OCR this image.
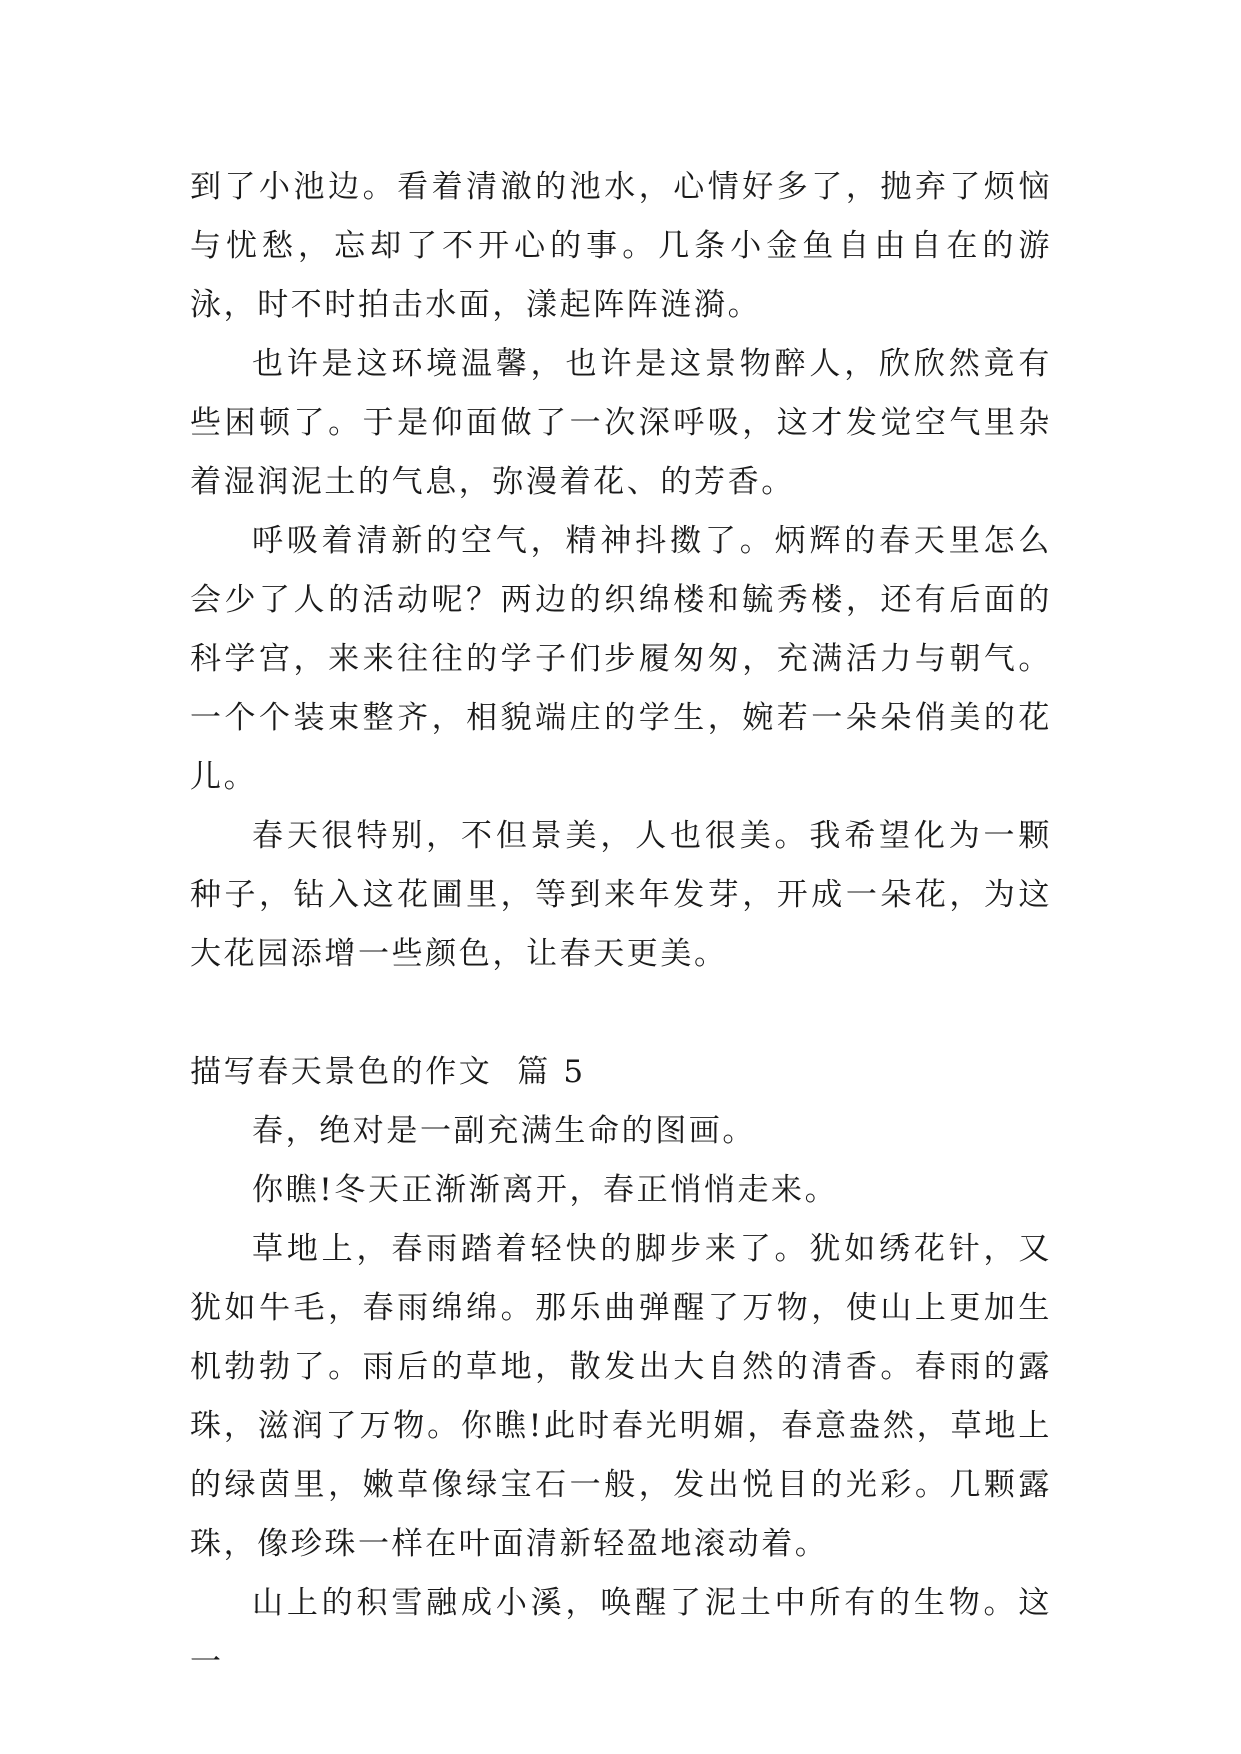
到了小池边。看着清澈的池水，心情好多了，抛弃了烦恼与忧愁，忘却了不开心的事。几条小金鱼自由自在的游泳，时不时拍击水面，漾起阵阵涟漪。

也许是这环境温馨，也许是这景物醉人，欣欣然竟有些困顿了。于是仰面做了一次深呼吸，这才发觉空气里杂着湿润泥土的气息，弥漫着花、的芳香。

呼吸着清新的空气，精神抖擞了。炳辉的春天里怎么会少了人的活动呢？两边的织绵楼和毓秀楼，还有后面的科学宫，来来往往的学子们步履匆匆，充满活力与朝气。一个个装束整齐，相貌端庄的学生，婉若一朵朵俏美的花儿。

春天很特别，不但景美，人也很美。我希望化为一颗种子，钻入这花圃里，等到来年发芽，开成一朵花，为这大花园添增一些颜色，让春天更美。

描写春天景色的作文  篇 5

春，绝对是一副充满生命的图画。

你瞧!冬天正渐渐离开，春正悄悄走来。

草地上，春雨踏着轻快的脚步来了。犹如绣花针，又犹如牛毛，春雨绵绵。那乐曲弹醒了万物，使山上更加生机勃勃了。雨后的草地，散发出大自然的清香。春雨的露珠，滋润了万物。你瞧!此时春光明媚，春意盎然，草地上的绿茵里，嫩草像绿宝石一般，发出悦目的光彩。几颗露珠，像珍珠一样在叶面清新轻盈地滚动着。

山上的积雪融成小溪，唤醒了泥土中所有的生物。这一
